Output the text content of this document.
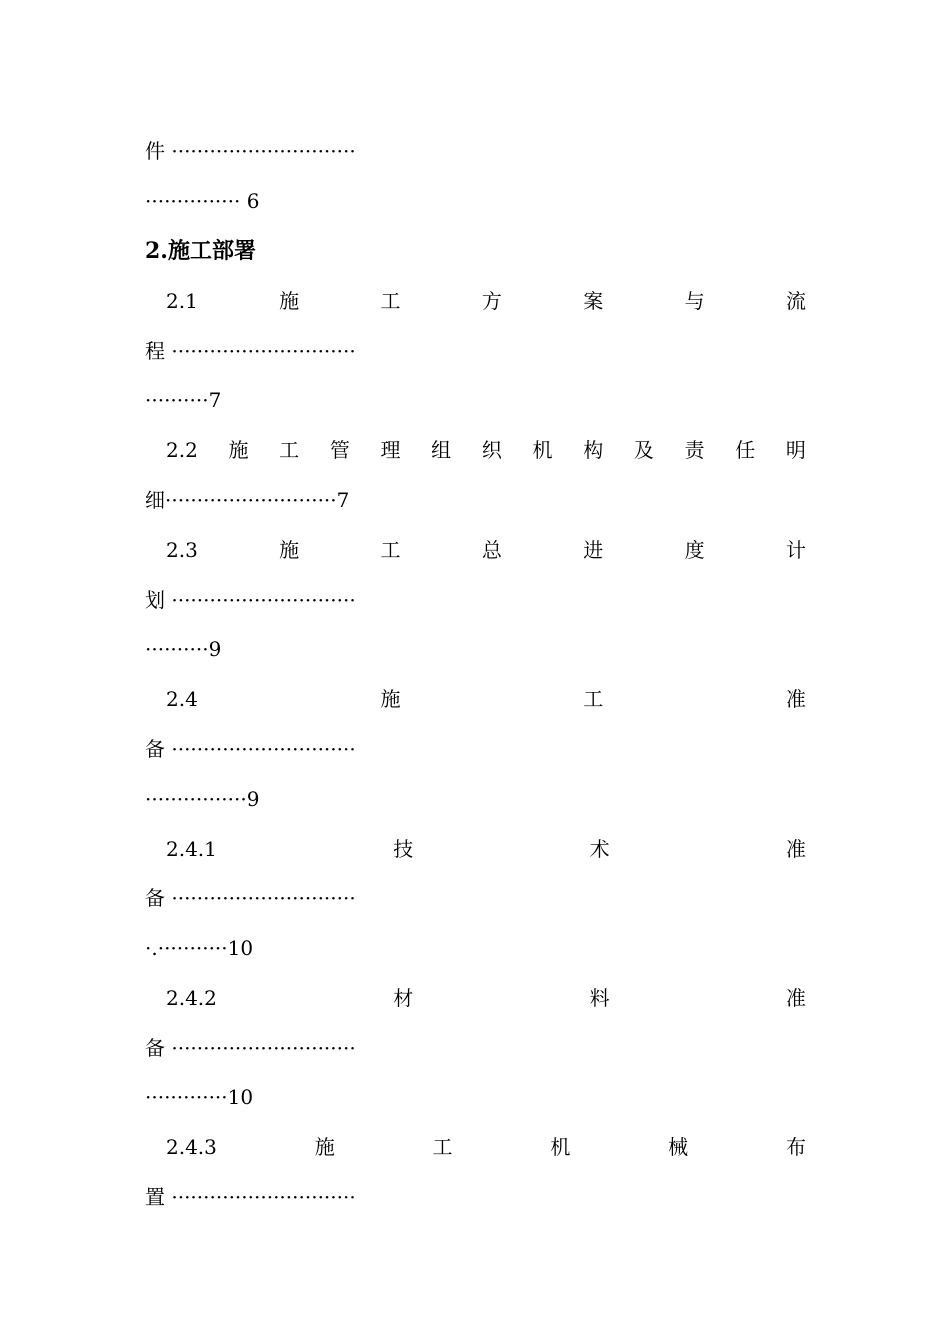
件 ·····························
··············· 6
2.施工部署
2.1	施	工	方	案	与	流
程 ·····························
··········7
2.2 施 工 管 理 组 织 机 构 及 责 任 明
细···························7
2.3	施	工	总	进	度	计
划 ·····························
··········9
2.4	施	工	准
备 ·····························
················9
2.4.1	技	术	准
备 ·····························
·.···········10
2.4.2	材	料	准
备 ·····························
·············10
2.4.3	施	工	机	械	布
置 ·····························
